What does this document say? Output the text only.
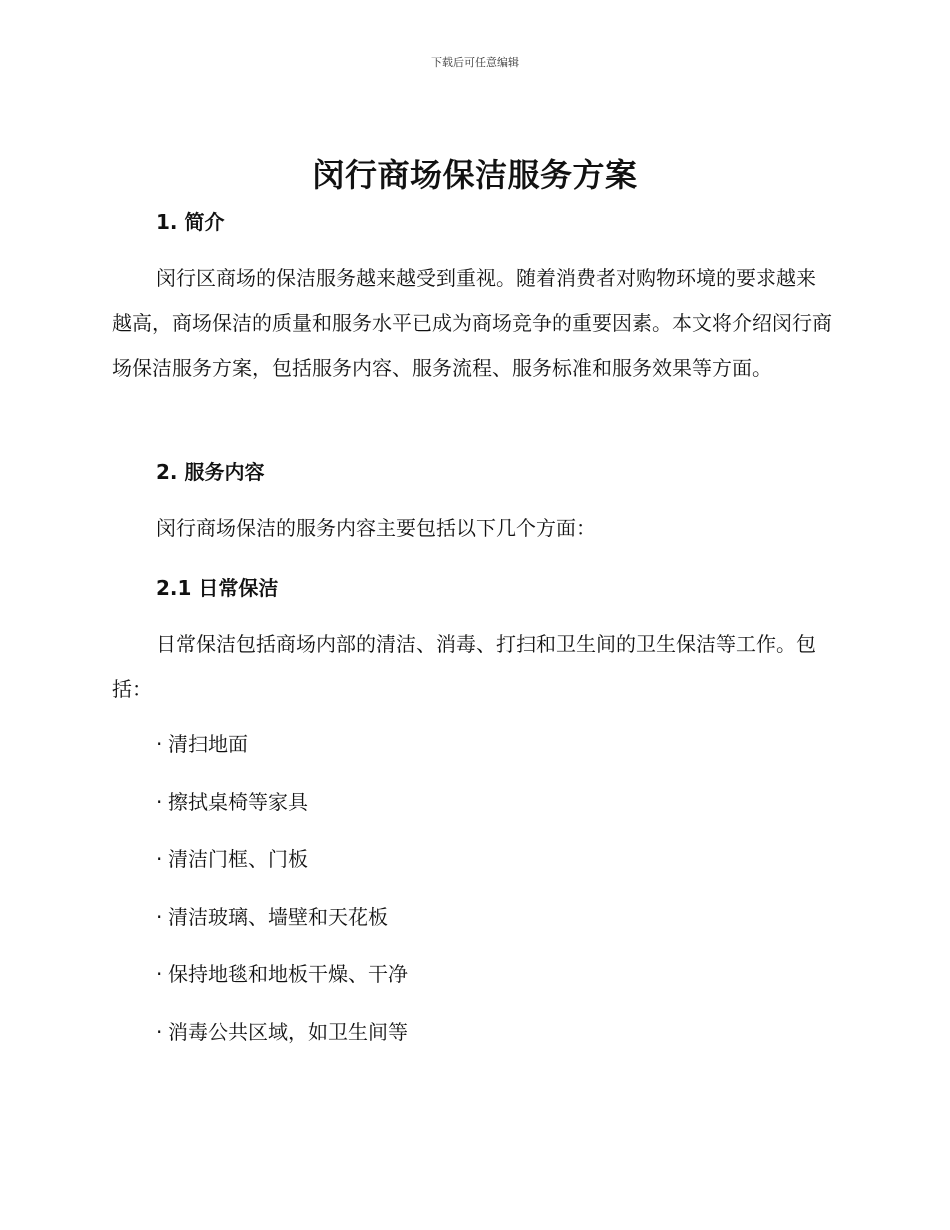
下载后可任意编辑
闵行商场保洁服务方案
1. 简介

闵行区商场的保洁服务越来越受到重视。随着消费者对购物环境的要求越来越高，商场保洁的质量和服务水平已成为商场竞争的重要因素。本文将介绍闵行商场保洁服务方案，包括服务内容、服务流程、服务标准和服务效果等方面。

2. 服务内容

闵行商场保洁的服务内容主要包括以下几个方面：

2.1 日常保洁

日常保洁包括商场内部的清洁、消毒、打扫和卫生间的卫生保洁等工作。包括：

· 清扫地面
· 擦拭桌椅等家具
· 清洁门框、门板
· 清洁玻璃、墙壁和天花板
· 保持地毯和地板干燥、干净
· 消毒公共区域，如卫生间等
